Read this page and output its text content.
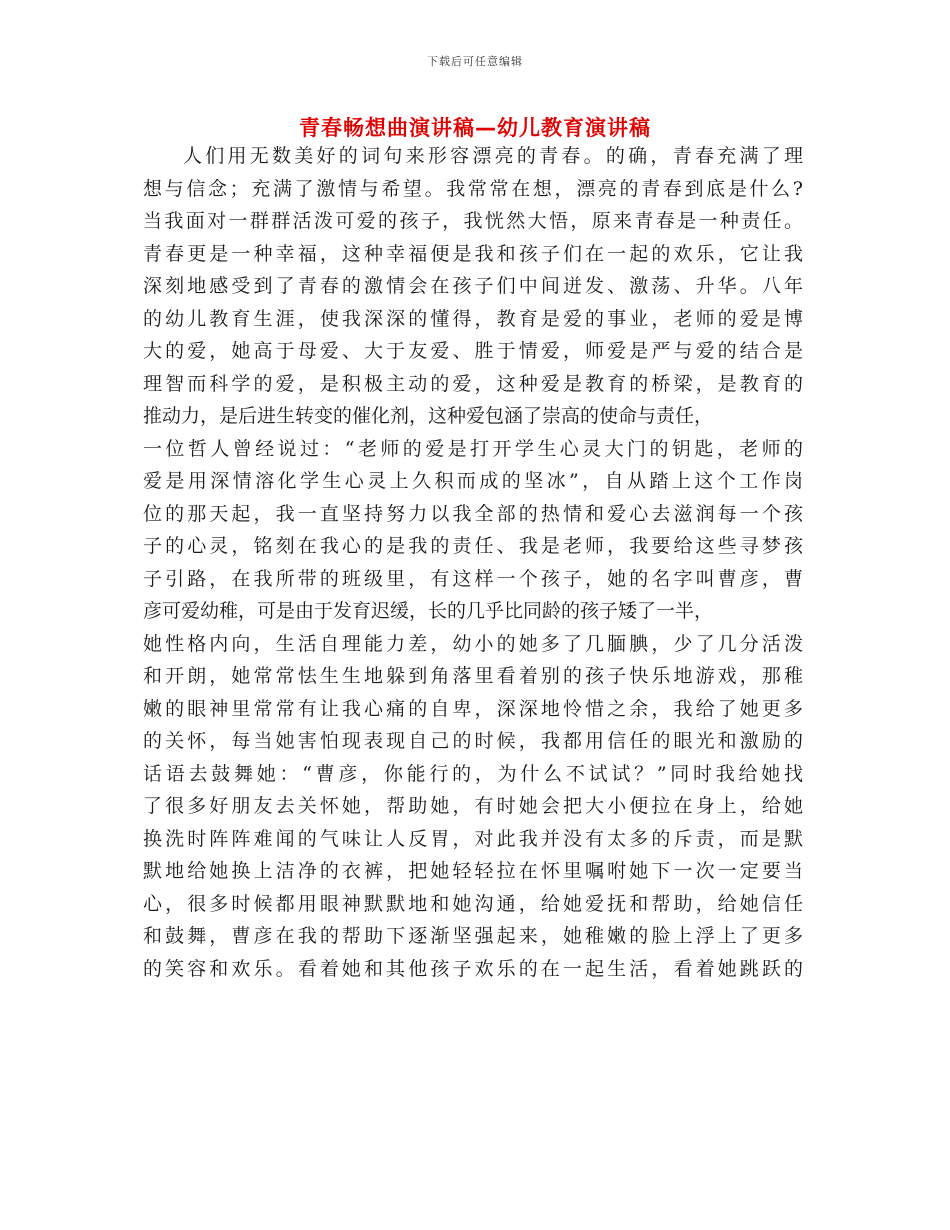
下载后可任意编辑
青春畅想曲演讲稿—幼儿教育演讲稿
人们用无数美好的词句来形容漂亮的青春。的确，青春充满了理
想与信念；充满了激情与希望。我常常在想，漂亮的青春到底是什么?
当我面对一群群活泼可爱的孩子，我恍然大悟，原来青春是一种责任。
青春更是一种幸福，这种幸福便是我和孩子们在一起的欢乐，它让我
深刻地感受到了青春的激情会在孩子们中间迸发、激荡、升华。八年
的幼儿教育生涯，使我深深的懂得，教育是爱的事业，老师的爱是博
大的爱，她高于母爱、大于友爱、胜于情爱，师爱是严与爱的结合是
理智而科学的爱，是积极主动的爱，这种爱是教育的桥梁，是教育的
推动力，是后进生转变的催化剂，这种爱包涵了崇高的使命与责任，
一位哲人曾经说过：“老师的爱是打开学生心灵大门的钥匙，老师的
爱是用深情溶化学生心灵上久积而成的坚冰”，自从踏上这个工作岗
位的那天起，我一直坚持努力以我全部的热情和爱心去滋润每一个孩
子的心灵，铭刻在我心的是我的责任、我是老师，我要给这些寻梦孩
子引路，在我所带的班级里，有这样一个孩子，她的名字叫曹彦，曹
彦可爱幼稚，可是由于发育迟缓，长的几乎比同龄的孩子矮了一半，
她性格内向，生活自理能力差，幼小的她多了几腼腆，少了几分活泼
和开朗，她常常怯生生地躲到角落里看着别的孩子快乐地游戏，那稚
嫩的眼神里常常有让我心痛的自卑，深深地怜惜之余，我给了她更多
的关怀，每当她害怕现表现自己的时候，我都用信任的眼光和激励的
话语去鼓舞她：“曹彦，你能行的，为什么不试试？”同时我给她找
了很多好朋友去关怀她，帮助她，有时她会把大小便拉在身上，给她
换洗时阵阵难闻的气味让人反胃，对此我并没有太多的斥责，而是默
默地给她换上洁净的衣裤，把她轻轻拉在怀里嘱咐她下一次一定要当
心，很多时候都用眼神默默地和她沟通，给她爱抚和帮助，给她信任
和鼓舞，曹彦在我的帮助下逐渐坚强起来，她稚嫩的脸上浮上了更多
的笑容和欢乐。看着她和其他孩子欢乐的在一起生活，看着她跳跃的
